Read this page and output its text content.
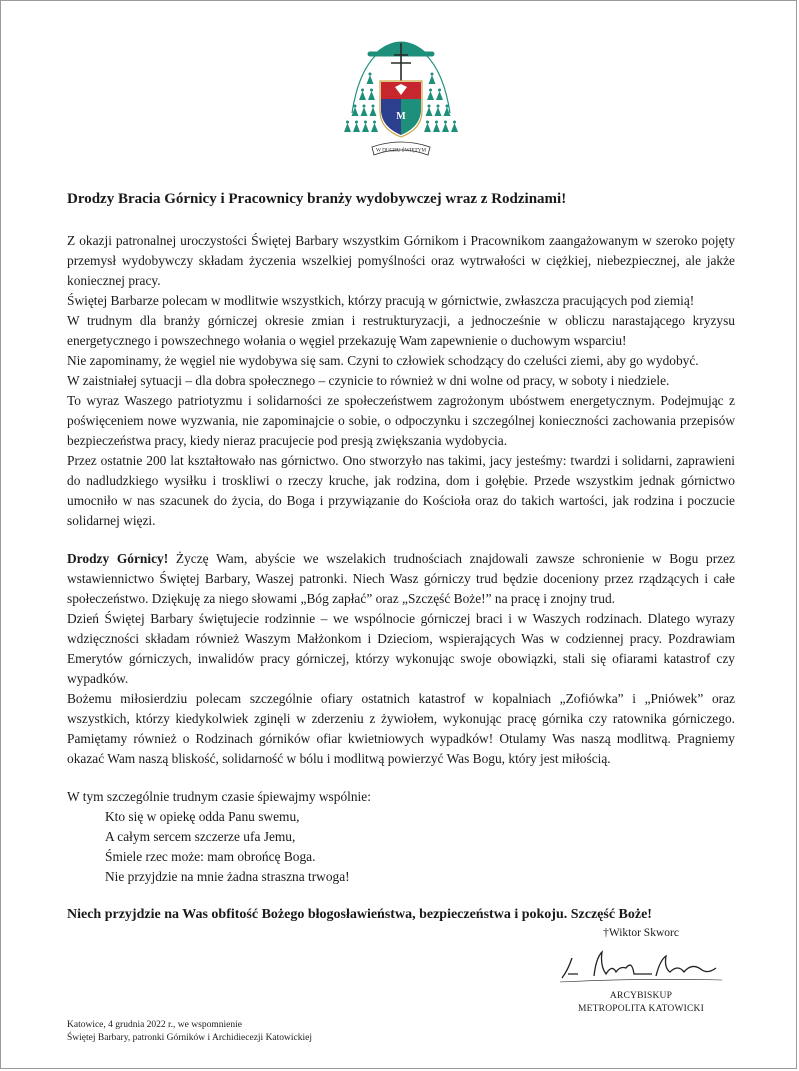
M
W DUCHU ŚWIĘTYM

Drodzy Bracia Górnicy i Pracownicy branży wydobywczej wraz z Rodzinami!

Z okazji patronalnej uroczystości Świętej Barbary wszystkim Górnikom i Pracownikom zaangażowanym w szeroko pojęty przemysł wydobywczy składam życzenia wszelkiej pomyślności oraz wytrwałości w ciężkiej, niebezpiecznej, ale jakże koniecznej pracy.

Świętej Barbarze polecam w modlitwie wszystkich, którzy pracują w górnictwie, zwłaszcza pracujących pod ziemią!

W trudnym dla branży górniczej okresie zmian i restrukturyzacji, a jednocześnie w obliczu narastającego kryzysu energetycznego i powszechnego wołania o węgiel przekazuję Wam zapewnienie o duchowym wsparciu!

Nie zapominamy, że węgiel nie wydobywa się sam. Czyni to człowiek schodzący do czeluści ziemi, aby go wydobyć.

W zaistniałej sytuacji – dla dobra społecznego – czynicie to również w dni wolne od pracy, w soboty i niedziele.

To wyraz Waszego patriotyzmu i solidarności ze społeczeństwem zagrożonym ubóstwem energetycznym. Podejmując z poświęceniem nowe wyzwania, nie zapominajcie o sobie, o odpoczynku i szczególnej konieczności zachowania przepisów bezpieczeństwa pracy, kiedy nieraz pracujecie pod presją zwiększania wydobycia.

Przez ostatnie 200 lat kształtowało nas górnictwo. Ono stworzyło nas takimi, jacy jesteśmy: twardzi i solidarni, zaprawieni do nadludzkiego wysiłku i troskliwi o rzeczy kruche, jak rodzina, dom i gołębie. Przede wszystkim jednak górnictwo umocniło w nas szacunek do życia, do Boga i przywiązanie do Kościoła oraz do takich wartości, jak rodzina i poczucie solidarnej więzi.

Drodzy Górnicy! Życzę Wam, abyście we wszelakich trudnościach znajdowali zawsze schronienie w Bogu przez wstawiennictwo Świętej Barbary, Waszej patronki. Niech Wasz górniczy trud będzie doceniony przez rządzących i całe społeczeństwo. Dziękuję za niego słowami „Bóg zapłać” oraz „Szczęść Boże!” na pracę i znojny trud.

Dzień Świętej Barbary świętujecie rodzinnie – we wspólnocie górniczej braci i w Waszych rodzinach. Dlatego wyrazy wdzięczności składam również Waszym Małżonkom i Dzieciom, wspierających Was w codziennej pracy. Pozdrawiam Emerytów górniczych, inwalidów pracy górniczej, którzy wykonując swoje obowiązki, stali się ofiarami katastrof czy wypadków.

Bożemu miłosierdziu polecam szczególnie ofiary ostatnich katastrof w kopalniach „Zofiówka” i „Pniówek” oraz wszystkich, którzy kiedykolwiek zginęli w zderzeniu z żywiołem, wykonując pracę górnika czy ratownika górniczego. Pamiętamy również o Rodzinach górników ofiar kwietniowych wypadków! Otulamy Was naszą modlitwą. Pragniemy okazać Wam naszą bliskość, solidarność w bólu i modlitwą powierzyć Was Bogu, który jest miłością.

W tym szczególnie trudnym czasie śpiewajmy wspólnie:

Kto się w opiekę odda Panu swemu,

A całym sercem szczerze ufa Jemu,

Śmiele rzec może: mam obrońcę Boga.

Nie przyjdzie na mnie żadna straszna trwoga!

Niech przyjdzie na Was obfitość Bożego błogosławieństwa, bezpieczeństwa i pokoju. Szczęść Boże!

†Wiktor Skworc
ARCYBISKUP
METROPOLITA KATOWICKI
Katowice, 4 grudnia 2022 r., we wspomnienie
Świętej Barbary, patronki Górników i Archidiecezji Katowickiej
